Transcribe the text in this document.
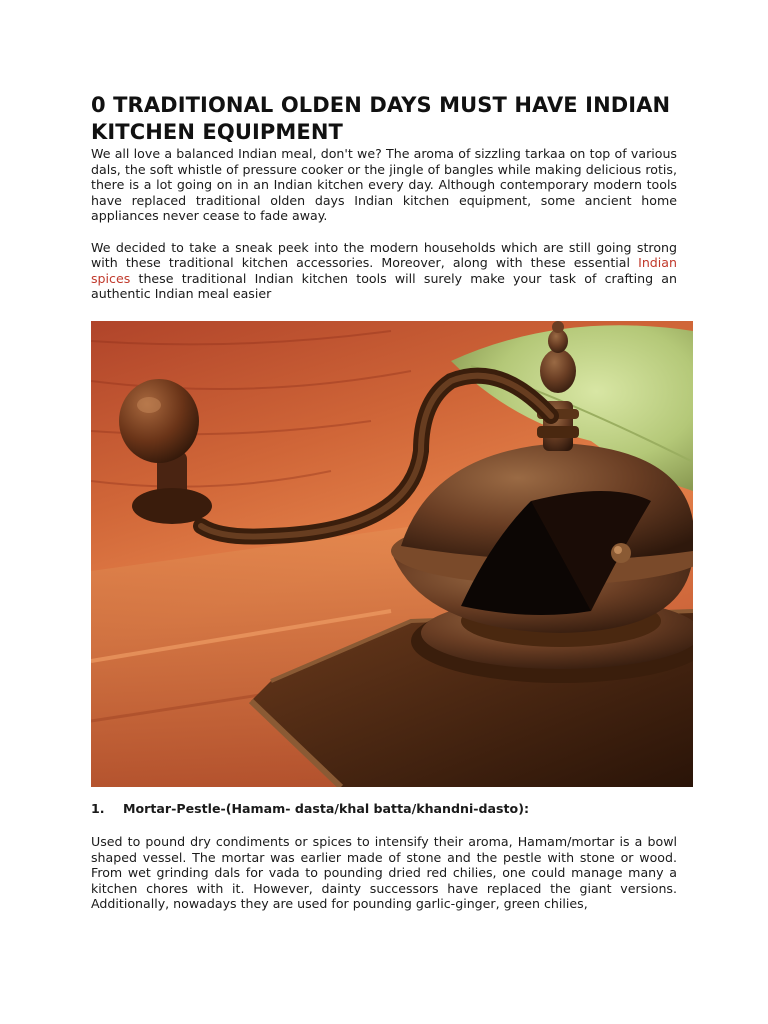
0 TRADITIONAL OLDEN DAYS MUST HAVE INDIAN KITCHEN EQUIPMENT

We all love a balanced Indian meal, don't we? The aroma of sizzling tarkaa on top of various dals, the soft whistle of pressure cooker or the jingle of bangles while making delicious rotis, there is a lot going on in an Indian kitchen every day. Although contemporary modern tools have replaced traditional olden days Indian kitchen equipment, some ancient home appliances never cease to fade away.

We decided to take a sneak peek into the modern households which are still going strong with these traditional kitchen accessories. Moreover, along with these essential Indian spices these traditional Indian kitchen tools will surely make your task of crafting an authentic Indian meal easier

1. Mortar-Pestle-(Hamam- dasta/khal batta/khandni-dasto):

Used to pound dry condiments or spices to intensify their aroma, Hamam/mortar is a bowl shaped vessel. The mortar was earlier made of stone and the pestle with stone or wood. From wet grinding dals for vada to pounding dried red chilies, one could manage many a kitchen chores with it. However, dainty successors have replaced the giant versions. Additionally, nowadays they are used for pounding garlic-ginger, green chilies,
